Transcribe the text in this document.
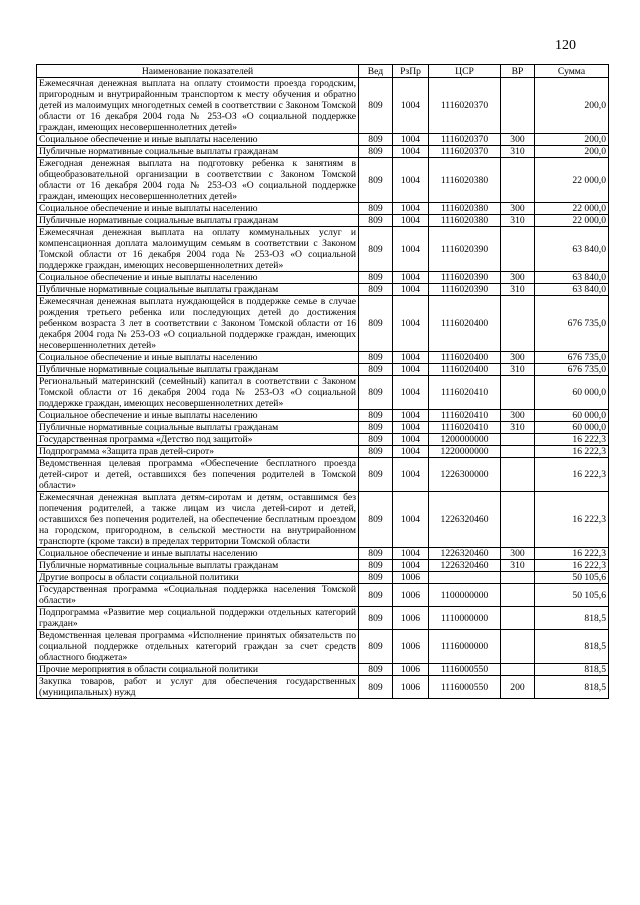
120
Наименование показателей	Вед	РзПр	ЦСР	ВР	Сумма
Ежемесячная денежная выплата на оплату стоимости проезда городским, пригородным и внутрирайонным транспортом к месту обучения и обратно детей из малоимущих многодетных семей в соответствии с Законом Томской области от 16 декабря 2004 года № 253-ОЗ «О социальной поддержке граждан, имеющих несовершеннолетних детей»	809	1004	1116020370		200,0
Социальное обеспечение и иные выплаты населению	809	1004	1116020370	300	200,0
Публичные нормативные социальные выплаты гражданам	809	1004	1116020370	310	200,0
Ежегодная денежная выплата на подготовку ребенка к занятиям в общеобразовательной организации в соответствии с Законом Томской области от 16 декабря 2004 года № 253-ОЗ «О социальной поддержке граждан, имеющих несовершеннолетних детей»	809	1004	1116020380		22 000,0
Социальное обеспечение и иные выплаты населению	809	1004	1116020380	300	22 000,0
Публичные нормативные социальные выплаты гражданам	809	1004	1116020380	310	22 000,0
Ежемесячная денежная выплата на оплату коммунальных услуг и компенсационная доплата малоимущим семьям в соответствии с Законом Томской области от 16 декабря 2004 года № 253-ОЗ «О социальной поддержке граждан, имеющих несовершеннолетних детей»	809	1004	1116020390		63 840,0
Социальное обеспечение и иные выплаты населению	809	1004	1116020390	300	63 840,0
Публичные нормативные социальные выплаты гражданам	809	1004	1116020390	310	63 840,0
Ежемесячная денежная выплата нуждающейся в поддержке семье в случае рождения третьего ребенка или последующих детей до достижения ребенком возраста 3 лет в соответствии с Законом Томской области от 16 декабря 2004 года № 253-ОЗ «О социальной поддержке граждан, имеющих несовершеннолетних детей»	809	1004	1116020400		676 735,0
Социальное обеспечение и иные выплаты населению	809	1004	1116020400	300	676 735,0
Публичные нормативные социальные выплаты гражданам	809	1004	1116020400	310	676 735,0
Региональный материнский (семейный) капитал в соответствии с Законом Томской области от 16 декабря 2004 года № 253-ОЗ «О социальной поддержке граждан, имеющих несовершеннолетних детей»	809	1004	1116020410		60 000,0
Социальное обеспечение и иные выплаты населению	809	1004	1116020410	300	60 000,0
Публичные нормативные социальные выплаты гражданам	809	1004	1116020410	310	60 000,0
Государственная программа «Детство под защитой»	809	1004	1200000000		16 222,3
Подпрограмма «Защита прав детей-сирот»	809	1004	1220000000		16 222,3
Ведомственная целевая программа «Обеспечение бесплатного проезда детей-сирот и детей, оставшихся без попечения родителей в Томской области»	809	1004	1226300000		16 222,3
Ежемесячная денежная выплата детям-сиротам и детям, оставшимся без попечения родителей, а также лицам из числа детей-сирот и детей, оставшихся без попечения родителей, на обеспечение бесплатным проездом на городском, пригородном, в сельской местности на внутрирайонном транспорте (кроме такси) в пределах территории Томской области	809	1004	1226320460		16 222,3
Социальное обеспечение и иные выплаты населению	809	1004	1226320460	300	16 222,3
Публичные нормативные социальные выплаты гражданам	809	1004	1226320460	310	16 222,3
Другие вопросы в области социальной политики	809	1006			50 105,6
Государственная программа «Социальная поддержка населения Томской области»	809	1006	1100000000		50 105,6
Подпрограмма «Развитие мер социальной поддержки отдельных категорий граждан»	809	1006	1110000000		818,5
Ведомственная целевая программа «Исполнение принятых обязательств по социальной поддержке отдельных категорий граждан за счет средств областного бюджета»	809	1006	1116000000		818,5
Прочие мероприятия в области социальной политики	809	1006	1116000550		818,5
Закупка товаров, работ и услуг для обеспечения государственных (муниципальных) нужд	809	1006	1116000550	200	818,5
